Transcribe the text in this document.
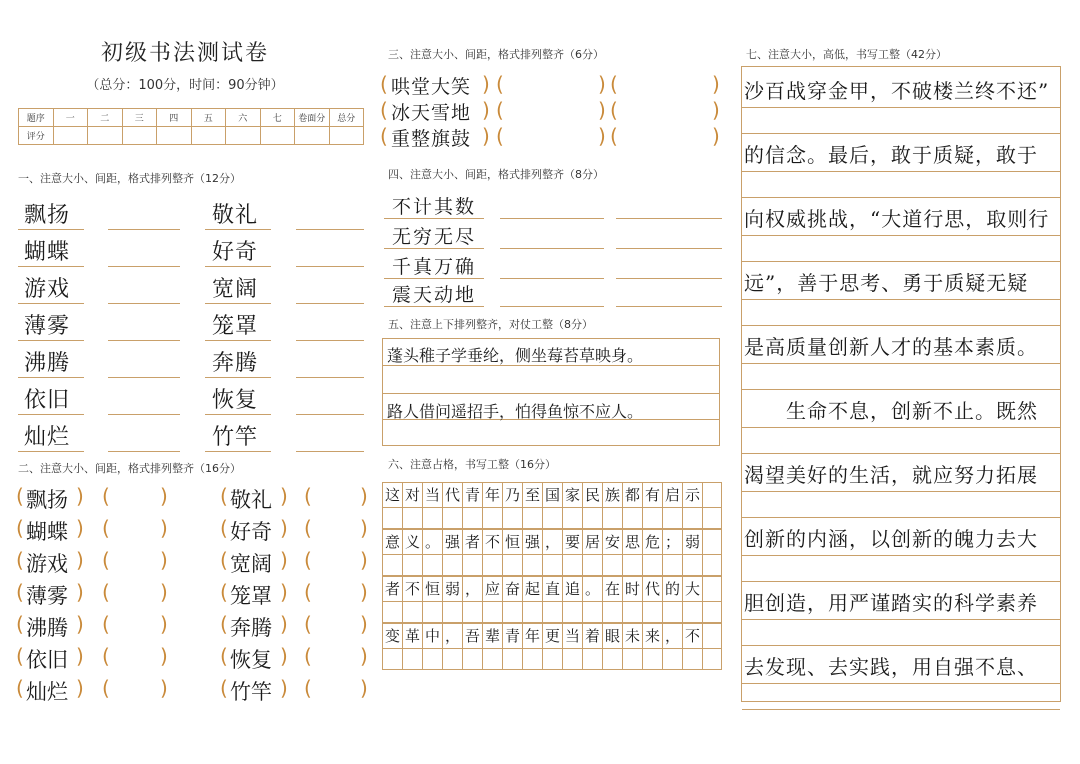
初级书法测试卷
（总分：100分，时间：90分钟）
题序	一	二	三	四	五	六	七	卷面分	总分
评分									
一、注意大小、间距，格式排列整齐（12分）
二、注意大小、间距，格式排列整齐（16分）
三、注意大小、间距，格式排列整齐（6分）
四、注意大小、间距，格式排列整齐（8分）
五、注意上下排列整齐，对仗工整（8分）
蓬头稚子学垂纶，侧坐莓苔草映身。
路人借问遥招手，怕得鱼惊不应人。
六、注意占格，书写工整（16分）
这 对 当 代 青 年 乃 至 国 家 民 族 都 有 启 示
意 义 。 强 者 不 恒 强 ， 要 居 安 思 危 ； 弱
者 不 恒 弱 ， 应 奋 起 直 追 。 在 时 代 的 大
变 革 中 ， 吾 辈 青 年 更 当 着 眼 未 来 ， 不
七、注意大小，高低，书写工整（42分）
沙百战穿金甲，不破楼兰终不还”
的信念。最后，敢于质疑，敢于
向权威挑战，“大道行思，取则行
远”，善于思考、勇于质疑无疑
是高质量创新人才的基本素质。
　　生命不息，创新不止。既然
渴望美好的生活，就应努力拓展
创新的内涵，以创新的魄力去大
胆创造，用严谨踏实的科学素养
去发现、去实践，用自强不息、
飘扬	敬礼
蝴蝶	好奇
游戏	宽阔
薄雾	笼罩
沸腾	奔腾
依旧	恢复
灿烂	竹竿
( 飘扬 ) (	)	( 敬礼 ) ( )
( 蝴蝶 ) (	)	( 好奇 ) ( )
( 游戏 ) (	)	( 宽阔 ) ( )
( 薄雾 ) (	)	( 笼罩 ) ( )
( 沸腾 ) (	)	( 奔腾 ) ( )
( 依旧 ) (	)	( 恢复 ) ( )
( 灿烂 ) (	)	( 竹竿 ) ( )
( 哄堂大笑 ) (	) (	)
( 冰天雪地 ) (	) (	)
( 重整旗鼓 ) (	) (	)
不计其数
无穷无尽
千真万确
震天动地
